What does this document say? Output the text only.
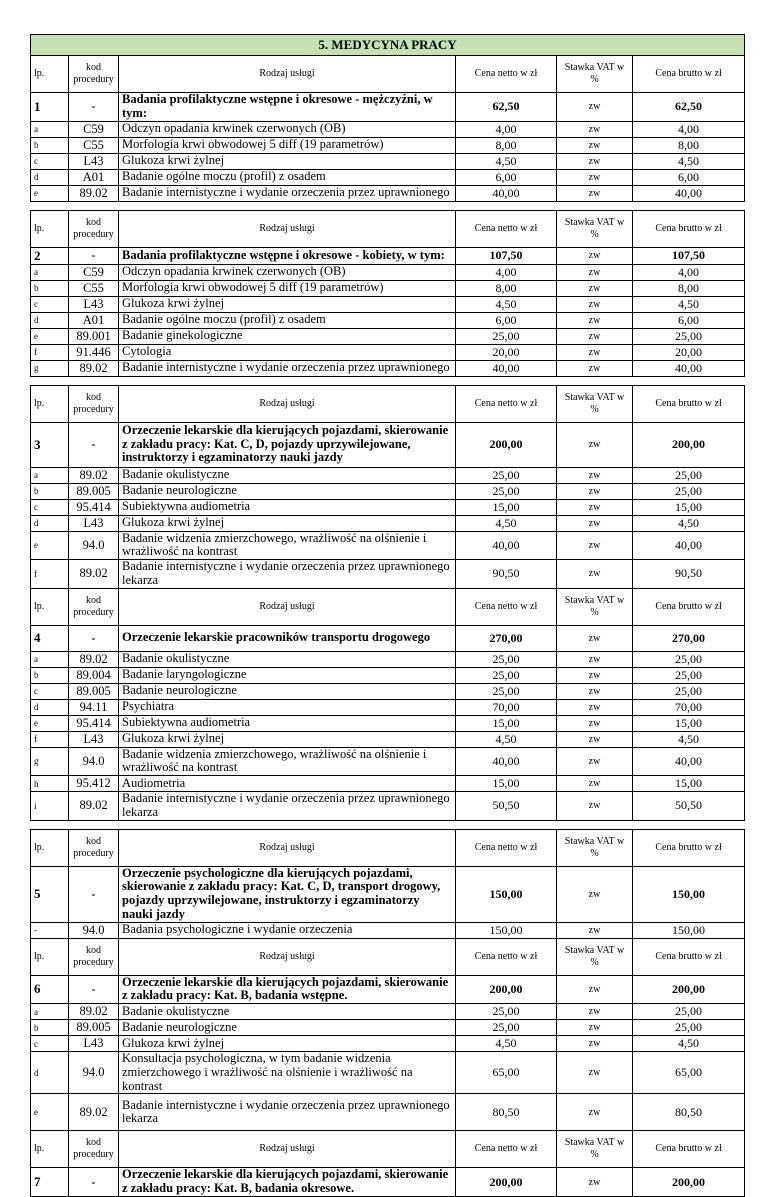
5. MEDYCYNA PRACY					
lp.	kod procedury	Rodzaj usługi	Cena netto w zł	Stawka VAT w %	Cena brutto w zł
1	-	Badania profilaktyczne wstępne i okresowe - mężczyźni, w tym:	62,50	zw	62,50
a	C59	Odczyn opadania krwinek czerwonych (OB)	4,00	zw	4,00
b	C55	Morfologia krwi obwodowej 5 diff (19 parametrów)	8,00	zw	8,00
c	L43	Glukoza krwi żylnej	4,50	zw	4,50
d	A01	Badanie ogólne moczu (profil) z osadem	6,00	zw	6,00
e	89.02	Badanie internistyczne i wydanie orzeczenia przez uprawnionego	40,00	zw	40,00

lp.	kod procedury	Rodzaj usługi	Cena netto w zł	Stawka VAT w %	Cena brutto w zł
2	-	Badania profilaktyczne wstępne i okresowe - kobiety, w tym:	107,50	zw	107,50
a	C59	Odczyn opadania krwinek czerwonych (OB)	4,00	zw	4,00
b	C55	Morfologia krwi obwodowej 5 diff (19 parametrów)	8,00	zw	8,00
c	L43	Glukoza krwi żylnej	4,50	zw	4,50
d	A01	Badanie ogólne moczu (profil) z osadem	6,00	zw	6,00
e	89.001	Badanie ginekologiczne	25,00	zw	25,00
f	91.446	Cytologia	20,00	zw	20,00
g	89.02	Badanie internistyczne i wydanie orzeczenia przez uprawnionego	40,00	zw	40,00

lp.	kod procedury	Rodzaj usługi	Cena netto w zł	Stawka VAT w %	Cena brutto w zł
3	-	Orzeczenie lekarskie dla kierujących pojazdami, skierowanie z zakładu pracy: Kat. C, D, pojazdy uprzywilejowane, instruktorzy i egzaminatorzy nauki jazdy	200,00	zw	200,00
a	89.02	Badanie okulistyczne	25,00	zw	25,00
b	89.005	Badanie neurologiczne	25,00	zw	25,00
c	95.414	Subiektywna audiometria	15,00	zw	15,00
d	L43	Glukoza krwi żylnej	4,50	zw	4,50
e	94.0	Badanie widzenia zmierzchowego, wrażliwość na olśnienie i wrażliwość na kontrast	40,00	zw	40,00
f	89.02	Badanie internistyczne i wydanie orzeczenia przez uprawnionego lekarza	90,50	zw	90,50
lp.	kod procedury	Rodzaj usługi	Cena netto w zł	Stawka VAT w %	Cena brutto w zł
4	-	Orzeczenie lekarskie pracowników transportu drogowego	270,00	zw	270,00
a	89.02	Badanie okulistyczne	25,00	zw	25,00
b	89.004	Badanie laryngologiczne	25,00	zw	25,00
c	89.005	Badanie neurologiczne	25,00	zw	25,00
d	94.11	Psychiatra	70,00	zw	70,00
e	95.414	Subiektywna audiometria	15,00	zw	15,00
f	L43	Glukoza krwi żylnej	4,50	zw	4,50
g	94.0	Badanie widzenia zmierzchowego, wrażliwość na olśnienie i wrażliwość na kontrast	40,00	zw	40,00
h	95.412	Audiometria	15,00	zw	15,00
i	89.02	Badanie internistyczne i wydanie orzeczenia przez uprawnionego lekarza	50,50	zw	50,50

lp.	kod procedury	Rodzaj usługi	Cena netto w zł	Stawka VAT w %	Cena brutto w zł
5	-	Orzeczenie psychologiczne dla kierujących pojazdami, skierowanie z zakładu pracy: Kat. C, D, transport drogowy, pojazdy uprzywilejowane, instruktorzy i egzaminatorzy nauki jazdy	150,00	zw	150,00
-	94.0	Badania psychologiczne i wydanie orzeczenia	150,00	zw	150,00
lp.	kod procedury	Rodzaj usługi	Cena netto w zł	Stawka VAT w %	Cena brutto w zł
6	-	Orzeczenie lekarskie dla kierujących pojazdami, skierowanie z zakładu pracy: Kat. B, badania wstępne.	200,00	zw	200,00
a	89.02	Badanie okulistyczne	25,00	zw	25,00
b	89.005	Badanie neurologiczne	25,00	zw	25,00
c	L43	Glukoza krwi żylnej	4,50	zw	4,50
d	94.0	Konsultacja psychologiczna, w tym badanie widzenia zmierzchowego i wrażliwość na olśnienie i wrażliwość na kontrast	65,00	zw	65,00
e	89.02	Badanie internistyczne i wydanie orzeczenia przez uprawnionego lekarza	80,50	zw	80,50
lp.	kod procedury	Rodzaj usługi	Cena netto w zł	Stawka VAT w %	Cena brutto w zł
7	-	Orzeczenie lekarskie dla kierujących pojazdami, skierowanie z zakładu pracy: Kat. B, badania okresowe.	200,00	zw	200,00
